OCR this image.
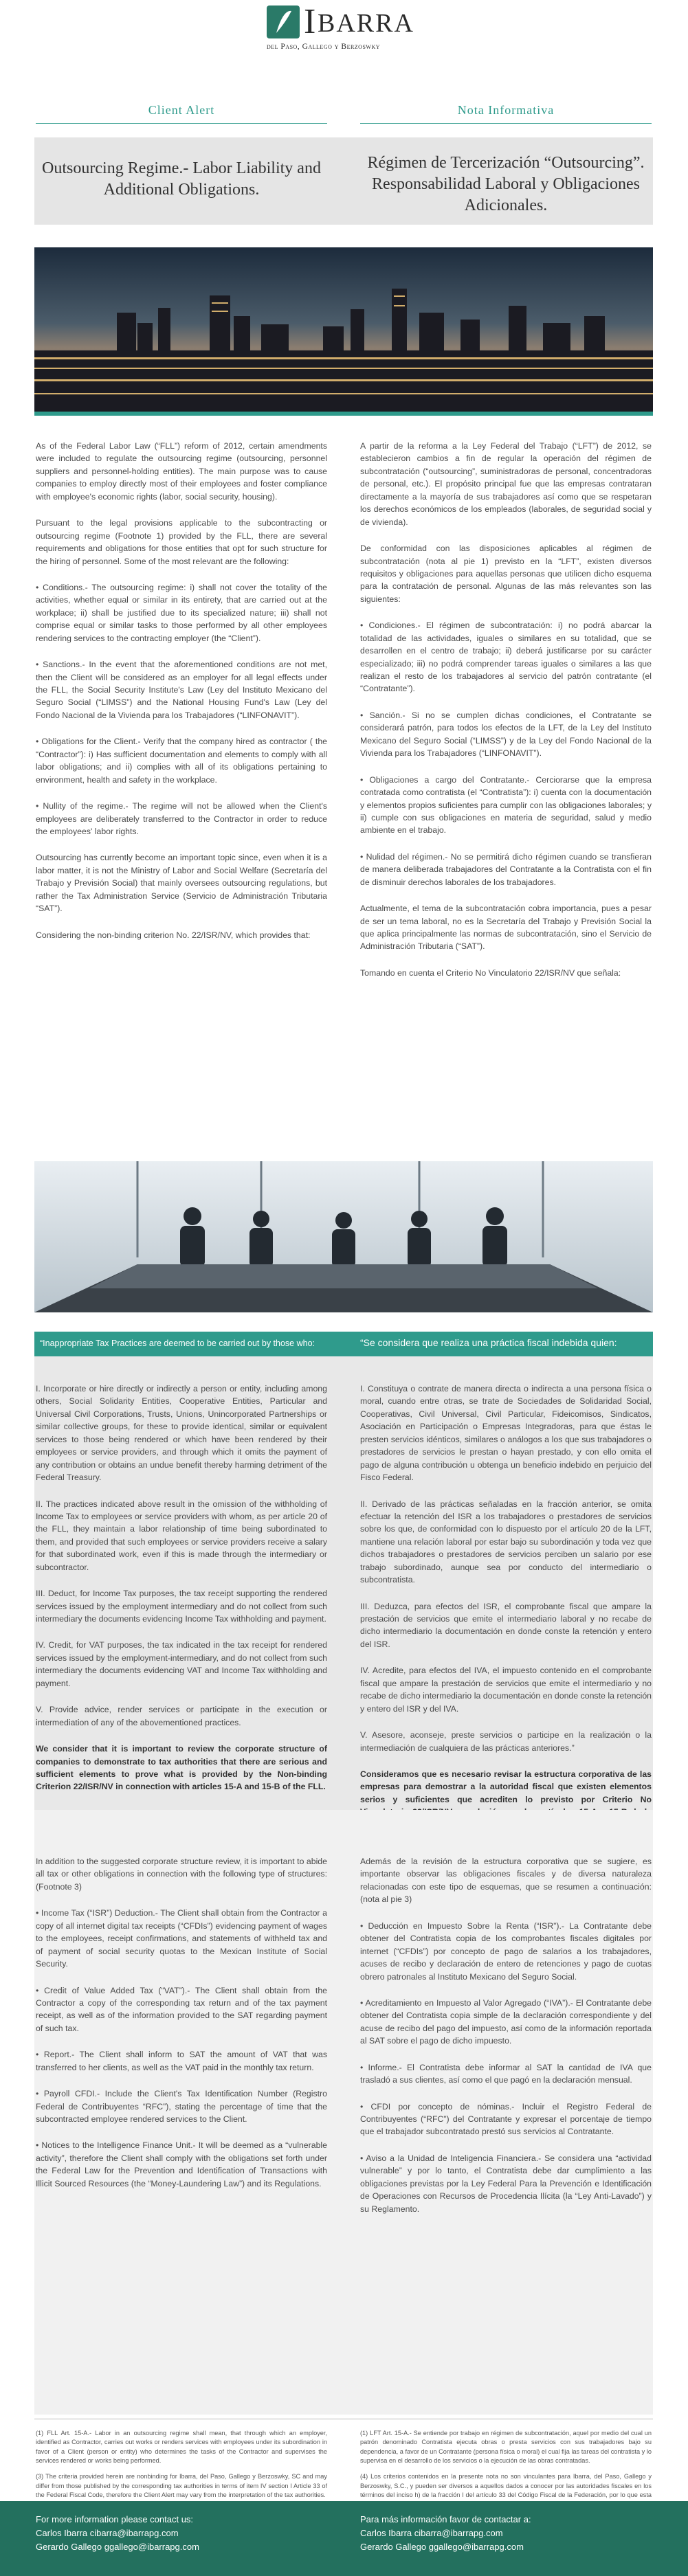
I BARRA
del Paso, Gallego y Berzoswky
Client Alert	Nota Informativa
Outsourcing Regime.- Labor Liability and Additional Obligations.
Régimen de Tercerización “Outsourcing”. Responsabilidad Laboral y Obligaciones Adicionales.

As of the Federal Labor Law (“FLL”) reform of 2012, certain amendments were included to regulate the outsourcing regime (outsourcing, personnel suppliers and personnel-holding entities). The main purpose was to cause companies to employ directly most of their employees and foster compliance with employee's economic rights (labor, social security, housing).

Pursuant to the legal provisions applicable to the subcontracting or outsourcing regime (Footnote 1) provided by the FLL, there are several requirements and obligations for those entities that opt for such structure for the hiring of personnel. Some of the most relevant are the following:

• Conditions.- The outsourcing regime: i) shall not cover the totality of the activities, whether equal or similar in its entirety, that are carried out at the workplace; ii) shall be justified due to its specialized nature; iii) shall not comprise equal or similar tasks to those performed by all other employees rendering services to the contracting employer (the “Client”).

• Sanctions.- In the event that the aforementioned conditions are not met, then the Client will be considered as an employer for all legal effects under the FLL, the Social Security Institute's Law (Ley del Instituto Mexicano del Seguro Social (“LIMSS”) and the National Housing Fund's Law (Ley del Fondo Nacional de la Vivienda para los Trabajadores (“LINFONAVIT”).

• Obligations for the Client.- Verify that the company hired as contractor ( the “Contractor”): i) Has sufficient documentation and elements to comply with all labor obligations; and ii) complies with all of its obligations pertaining to environment, health and safety in the workplace.

• Nullity of the regime.- The regime will not be allowed when the Client's employees are deliberately transferred to the Contractor in order to reduce the employees' labor rights.

Outsourcing has currently become an important topic since, even when it is a labor matter, it is not the Ministry of Labor and Social Welfare (Secretaría del Trabajo y Previsión Social) that mainly oversees outsourcing regulations, but rather the Tax Administration Service (Servicio de Administración Tributaria “SAT”).

Considering the non-binding criterion No. 22/ISR/NV, which provides that:

A partir de la reforma a la Ley Federal del Trabajo (“LFT”) de 2012, se establecieron cambios a fin de regular la operación del régimen de subcontratación (“outsourcing”, suministradoras de personal, concentradoras de personal, etc.). El propósito principal fue que las empresas contrataran directamente a la mayoría de sus trabajadores así como que se respetaran los derechos económicos de los empleados (laborales, de seguridad social y de vivienda).

De conformidad con las disposiciones aplicables al régimen de subcontratación (nota al pie 1) previsto en la “LFT”, existen diversos requisitos y obligaciones para aquellas personas que utilicen dicho esquema para la contratación de personal. Algunas de las más relevantes son las siguientes:

• Condiciones.- El régimen de subcontratación: i) no podrá abarcar la totalidad de las actividades, iguales o similares en su totalidad, que se desarrollen en el centro de trabajo; ii) deberá justificarse por su carácter especializado; iii) no podrá comprender tareas iguales o similares a las que realizan el resto de los trabajadores al servicio del patrón contratante (el “Contratante”).

• Sanción.- Si no se cumplen dichas condiciones, el Contratante se considerará patrón, para todos los efectos de la LFT, de la Ley del Instituto Mexicano del Seguro Social (“LIMSS”) y de la Ley del Fondo Nacional de la Vivienda para los Trabajadores (“LINFONAVIT”).

• Obligaciones a cargo del Contratante.- Cerciorarse que la empresa contratada como contratista (el “Contratista”): i) cuenta con la documentación y elementos propios suficientes para cumplir con las obligaciones laborales; y ii) cumple con sus obligaciones en materia de seguridad, salud y medio ambiente en el trabajo.

• Nulidad del régimen.- No se permitirá dicho régimen cuando se transfieran de manera deliberada trabajadores del Contratante a la Contratista con el fin de disminuir derechos laborales de los trabajadores.

Actualmente, el tema de la subcontratación cobra importancia, pues a pesar de ser un tema laboral, no es la Secretaría del Trabajo y Previsión Social la que aplica principalmente las normas de subcontratación, sino el Servicio de Administración Tributaria (“SAT”).

Tomando en cuenta el Criterio No Vinculatorio 22/ISR/NV que señala:

“Inappropriate Tax Practices are deemed to be carried out by those who:	“Se considera que realiza una práctica fiscal indebida quien:

I. Incorporate or hire directly or indirectly a person or entity, including among others, Social Solidarity Entities, Cooperative Entities, Particular and Universal Civil Corporations, Trusts, Unions, Unincorporated Partnerships or similar collective groups, for these to provide identical, similar or equivalent services to those being rendered or which have been rendered by their employees or service providers, and through which it omits the payment of any contribution or obtains an undue benefit thereby harming detriment of the Federal Treasury.

II. The practices indicated above result in the omission of the withholding of Income Tax to employees or service providers with whom, as per article 20 of the FLL, they maintain a labor relationship of time being subordinated to them, and provided that such employees or service providers receive a salary for that subordinated work, even if this is made through the intermediary or subcontractor.

III. Deduct, for Income Tax purposes, the tax receipt supporting the rendered services issued by the employment intermediary and do not collect from such intermediary the documents evidencing Income Tax withholding and payment.

IV. Credit, for VAT purposes, the tax indicated in the tax receipt for rendered services issued by the employment-intermediary, and do not collect from such intermediary the documents evidencing VAT and Income Tax withholding and payment.

V. Provide advice, render services or participate in the execution or intermediation of any of the abovementioned practices.

We consider that it is important to review the corporate structure of companies to demonstrate to tax authorities that there are serious and sufficient elements to prove what is provided by the Non-binding Criterion 22/ISR/NV in connection with articles 15-A and 15-B of the FLL.

I. Constituya o contrate de manera directa o indirecta a una persona física o moral, cuando entre otras, se trate de Sociedades de Solidaridad Social, Cooperativas, Civil Universal, Civil Particular, Fideicomisos, Sindicatos, Asociación en Participación o Empresas Integradoras, para que éstas le presten servicios idénticos, similares o análogos a los que sus trabajadores o prestadores de servicios le prestan o hayan prestado, y con ello omita el pago de alguna contribución u obtenga un beneficio indebido en perjuicio del Fisco Federal.

II. Derivado de las prácticas señaladas en la fracción anterior, se omita efectuar la retención del ISR a los trabajadores o prestadores de servicios sobre los que, de conformidad con lo dispuesto por el artículo 20 de la LFT, mantiene una relación laboral por estar bajo su subordinación y toda vez que dichos trabajadores o prestadores de servicios perciben un salario por ese trabajo subordinado, aunque sea por conducto del intermediario o subcontratista.

III. Deduzca, para efectos del ISR, el comprobante fiscal que ampare la prestación de servicios que emite el intermediario laboral y no recabe de dicho intermediario la documentación en donde conste la retención y entero del ISR.

IV. Acredite, para efectos del IVA, el impuesto contenido en el comprobante fiscal que ampare la prestación de servicios que emite el intermediario y no recabe de dicho intermediario la documentación en donde conste la retención y entero del ISR y del IVA.

V. Asesore, aconseje, preste servicios o participe en la realización o la intermediación de cualquiera de las prácticas anteriores.”

Consideramos que es necesario revisar la estructura corporativa de las empresas para demostrar a la autoridad fiscal que existen elementos serios y suficientes que acrediten lo previsto por Criterio No

In addition to the suggested corporate structure review, it is important to abide all tax or other obligations in connection with the following type of structures: (Footnote 3)

• Income Tax (“ISR”) Deduction.- The Client shall obtain from the Contractor a copy of all internet digital tax receipts (“CFDIs”) evidencing payment of wages to the employees, receipt confirmations, and statements of withheld tax and of payment of social security quotas to the Mexican Institute of Social Security.

• Credit of Value Added Tax (“VAT”).- The Client shall obtain from the Contractor a copy of the corresponding tax return and of the tax payment receipt, as well as of the information provided to the SAT regarding payment of such tax.

• Report.- The Client shall inform to SAT the amount of VAT that was transferred to her clients, as well as the VAT paid in the monthly tax return.

• Payroll CFDI.- Include the Client's Tax Identification Number (Registro Federal de Contribuyentes “RFC”), stating the percentage of time that the subcontracted employee rendered services to the Client.

• Notices to the Intelligence Finance Unit.- It will be deemed as a “vulnerable activity”, therefore the Client shall comply with the obligations set forth under the Federal Law for the Prevention and Identification of Transactions with Illicit Sourced Resources (the “Money-Laundering Law”) and its Regulations.

Además de la revisión de la estructura corporativa que se sugiere, es importante observar las obligaciones fiscales y de diversa naturaleza relacionadas con este tipo de esquemas, que se resumen a continuación: (nota al pie 3)

• Deducción en Impuesto Sobre la Renta (“ISR”).- La Contratante debe obtener del Contratista copia de los comprobantes fiscales digitales por internet (“CFDIs”) por concepto de pago de salarios a los trabajadores, acuses de recibo y declaración de entero de retenciones y pago de cuotas obrero patronales al Instituto Mexicano del Seguro Social.

• Acreditamiento en Impuesto al Valor Agregado (“IVA”).- El Contratante debe obtener del Contratista copia simple de la declaración correspondiente y del acuse de recibo del pago del impuesto, así como de la información reportada al SAT sobre el pago de dicho impuesto.

• Informe.- El Contratista debe informar al SAT la cantidad de IVA que trasladó a sus clientes, así como el que pagó en la declaración mensual.

• CFDI por concepto de nóminas.- Incluir el Registro Federal de Contribuyentes (“RFC”) del Contratante y expresar el porcentaje de tiempo que el trabajador subcontratado prestó sus servicios al Contratante.

• Aviso a la Unidad de Inteligencia Financiera.- Se considera una “actividad vulnerable” y por lo tanto, el Contratista debe dar cumplimiento a las obligaciones previstas por la Ley Federal Para la Prevención e Identificación de Operaciones con Recursos de Procedencia Ilícita (la “Ley Anti-Lavado”) y su Reglamento.

(1) FLL Art. 15-A.- Labor in an outsourcing regime shall mean, that through which an employer, identified as Contractor, carries out works or renders services with employees under its subordination in favor of a Client (person or entity) who determines the tasks of the Contractor and supervises the services rendered or works being performed.

(3) The criteria provided herein are nonbinding for Ibarra, del Paso, Gallego y Berzoswky, SC and may differ from those published by the corresponding tax authorities in terms of item IV section I Article 33 of the Federal Fiscal Code, therefore the Client Alert may vary from the interpretation of the tax authorities.

(1) LFT Art. 15-A.- Se entiende por trabajo en régimen de subcontratación, aquel por medio del cual un patrón denominado Contratista ejecuta obras o presta servicios con sus trabajadores bajo su dependencia, a favor de un Contratante (persona física o moral) el cual fija las tareas del contratista y lo supervisa en el desarrollo de los servicios o la ejecución de las obras contratadas.

(4) Los criterios contenidos en la presente nota no son vinculantes para Ibarra, del Paso, Gallego y Berzoswky, S.C., y pueden ser diversos a aquellos dados a conocer por las autoridades fiscales en los términos del inciso h) de la fracción I del artículo 33 del Código Fiscal de la Federación, por lo que esta

For more information please contact us:
Carlos Ibarra cibarra@ibarrapg.com
Gerardo Gallego ggallego@ibarrapg.com
Para más información favor de contactar a:
Carlos Ibarra cibarra@ibarrapg.com
Gerardo Gallego ggallego@ibarrapg.com
